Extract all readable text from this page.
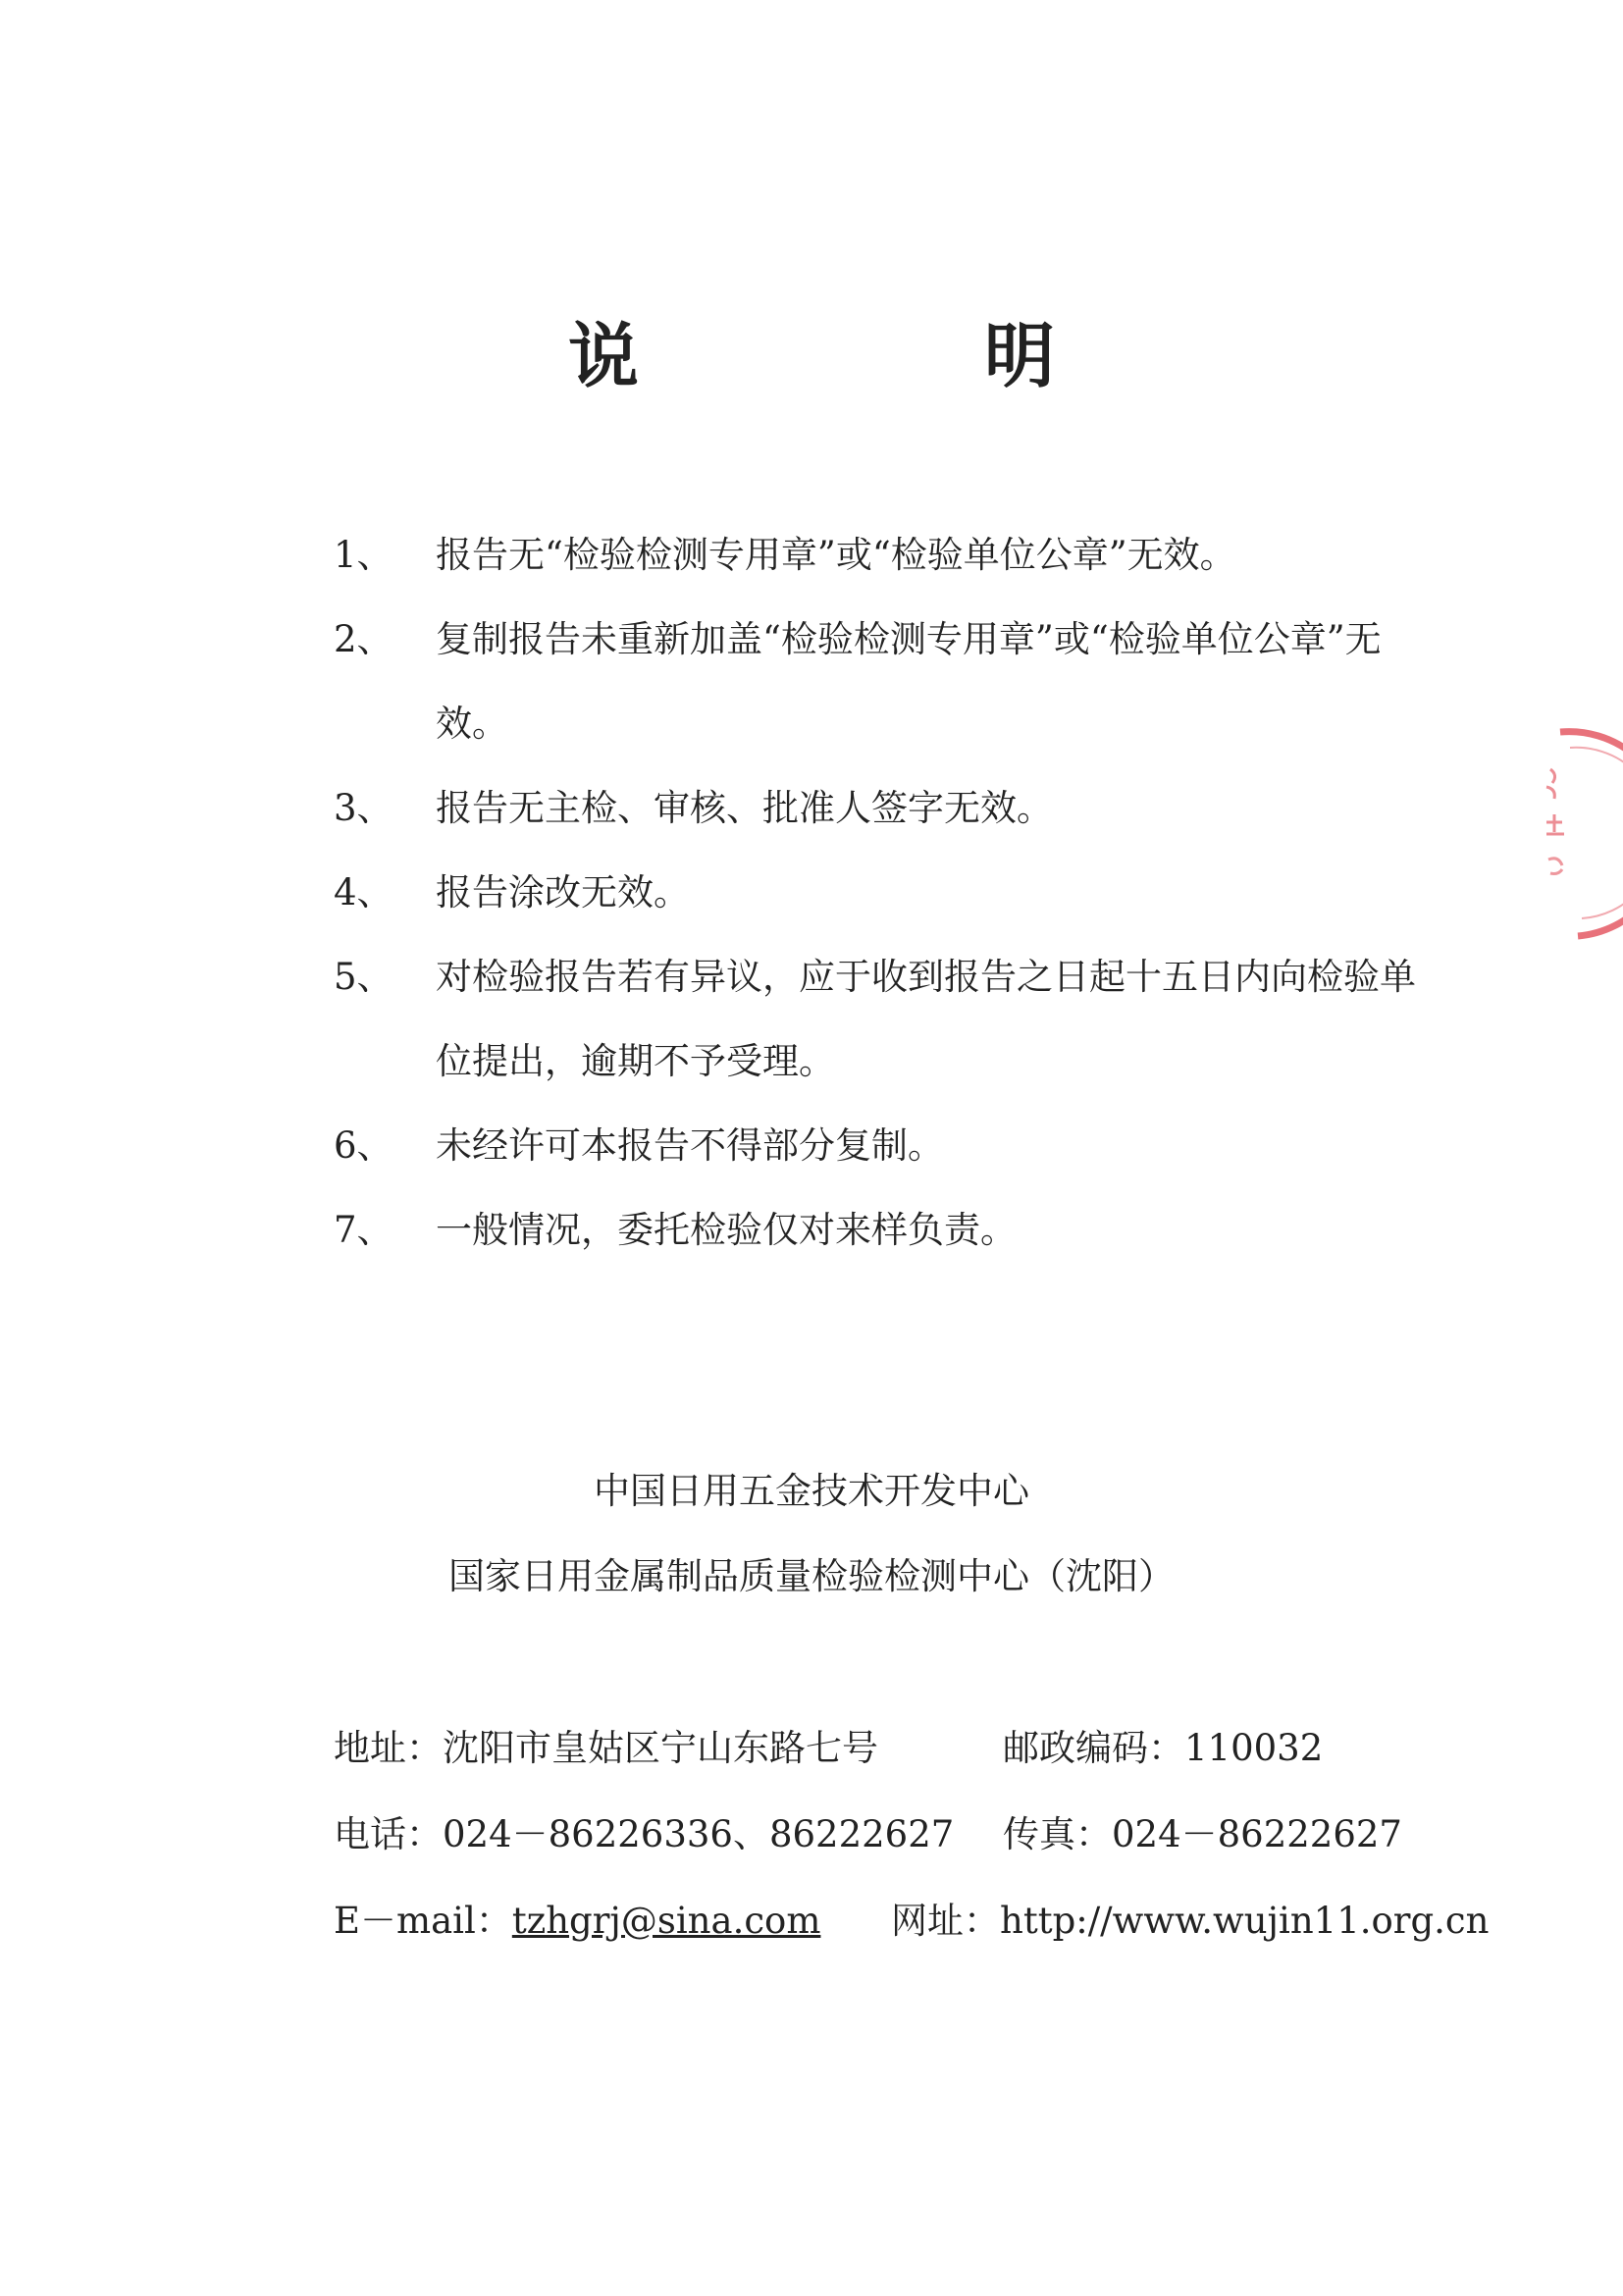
说　明
1、	报告无“检验检测专用章”或“检验单位公章”无效。
2、	复制报告未重新加盖“检验检测专用章”或“检验单位公章”无效。
3、	报告无主检、审核、批准人签字无效。
4、	报告涂改无效。
5、	对检验报告若有异议，应于收到报告之日起十五日内向检验单位提出，逾期不予受理。
6、	未经许可本报告不得部分复制。
7、	一般情况，委托检验仅对来样负责。
中国日用五金技术开发中心
国家日用金属制品质量检验检测中心（沈阳）
地址：沈阳市皇姑区宁山东路七号	邮政编码：110032
电话：024－86226336、86222627 传真：024－86222627
E－mail：tzhgrj@sina.com 网址：http://www.wujin11.org.cn
